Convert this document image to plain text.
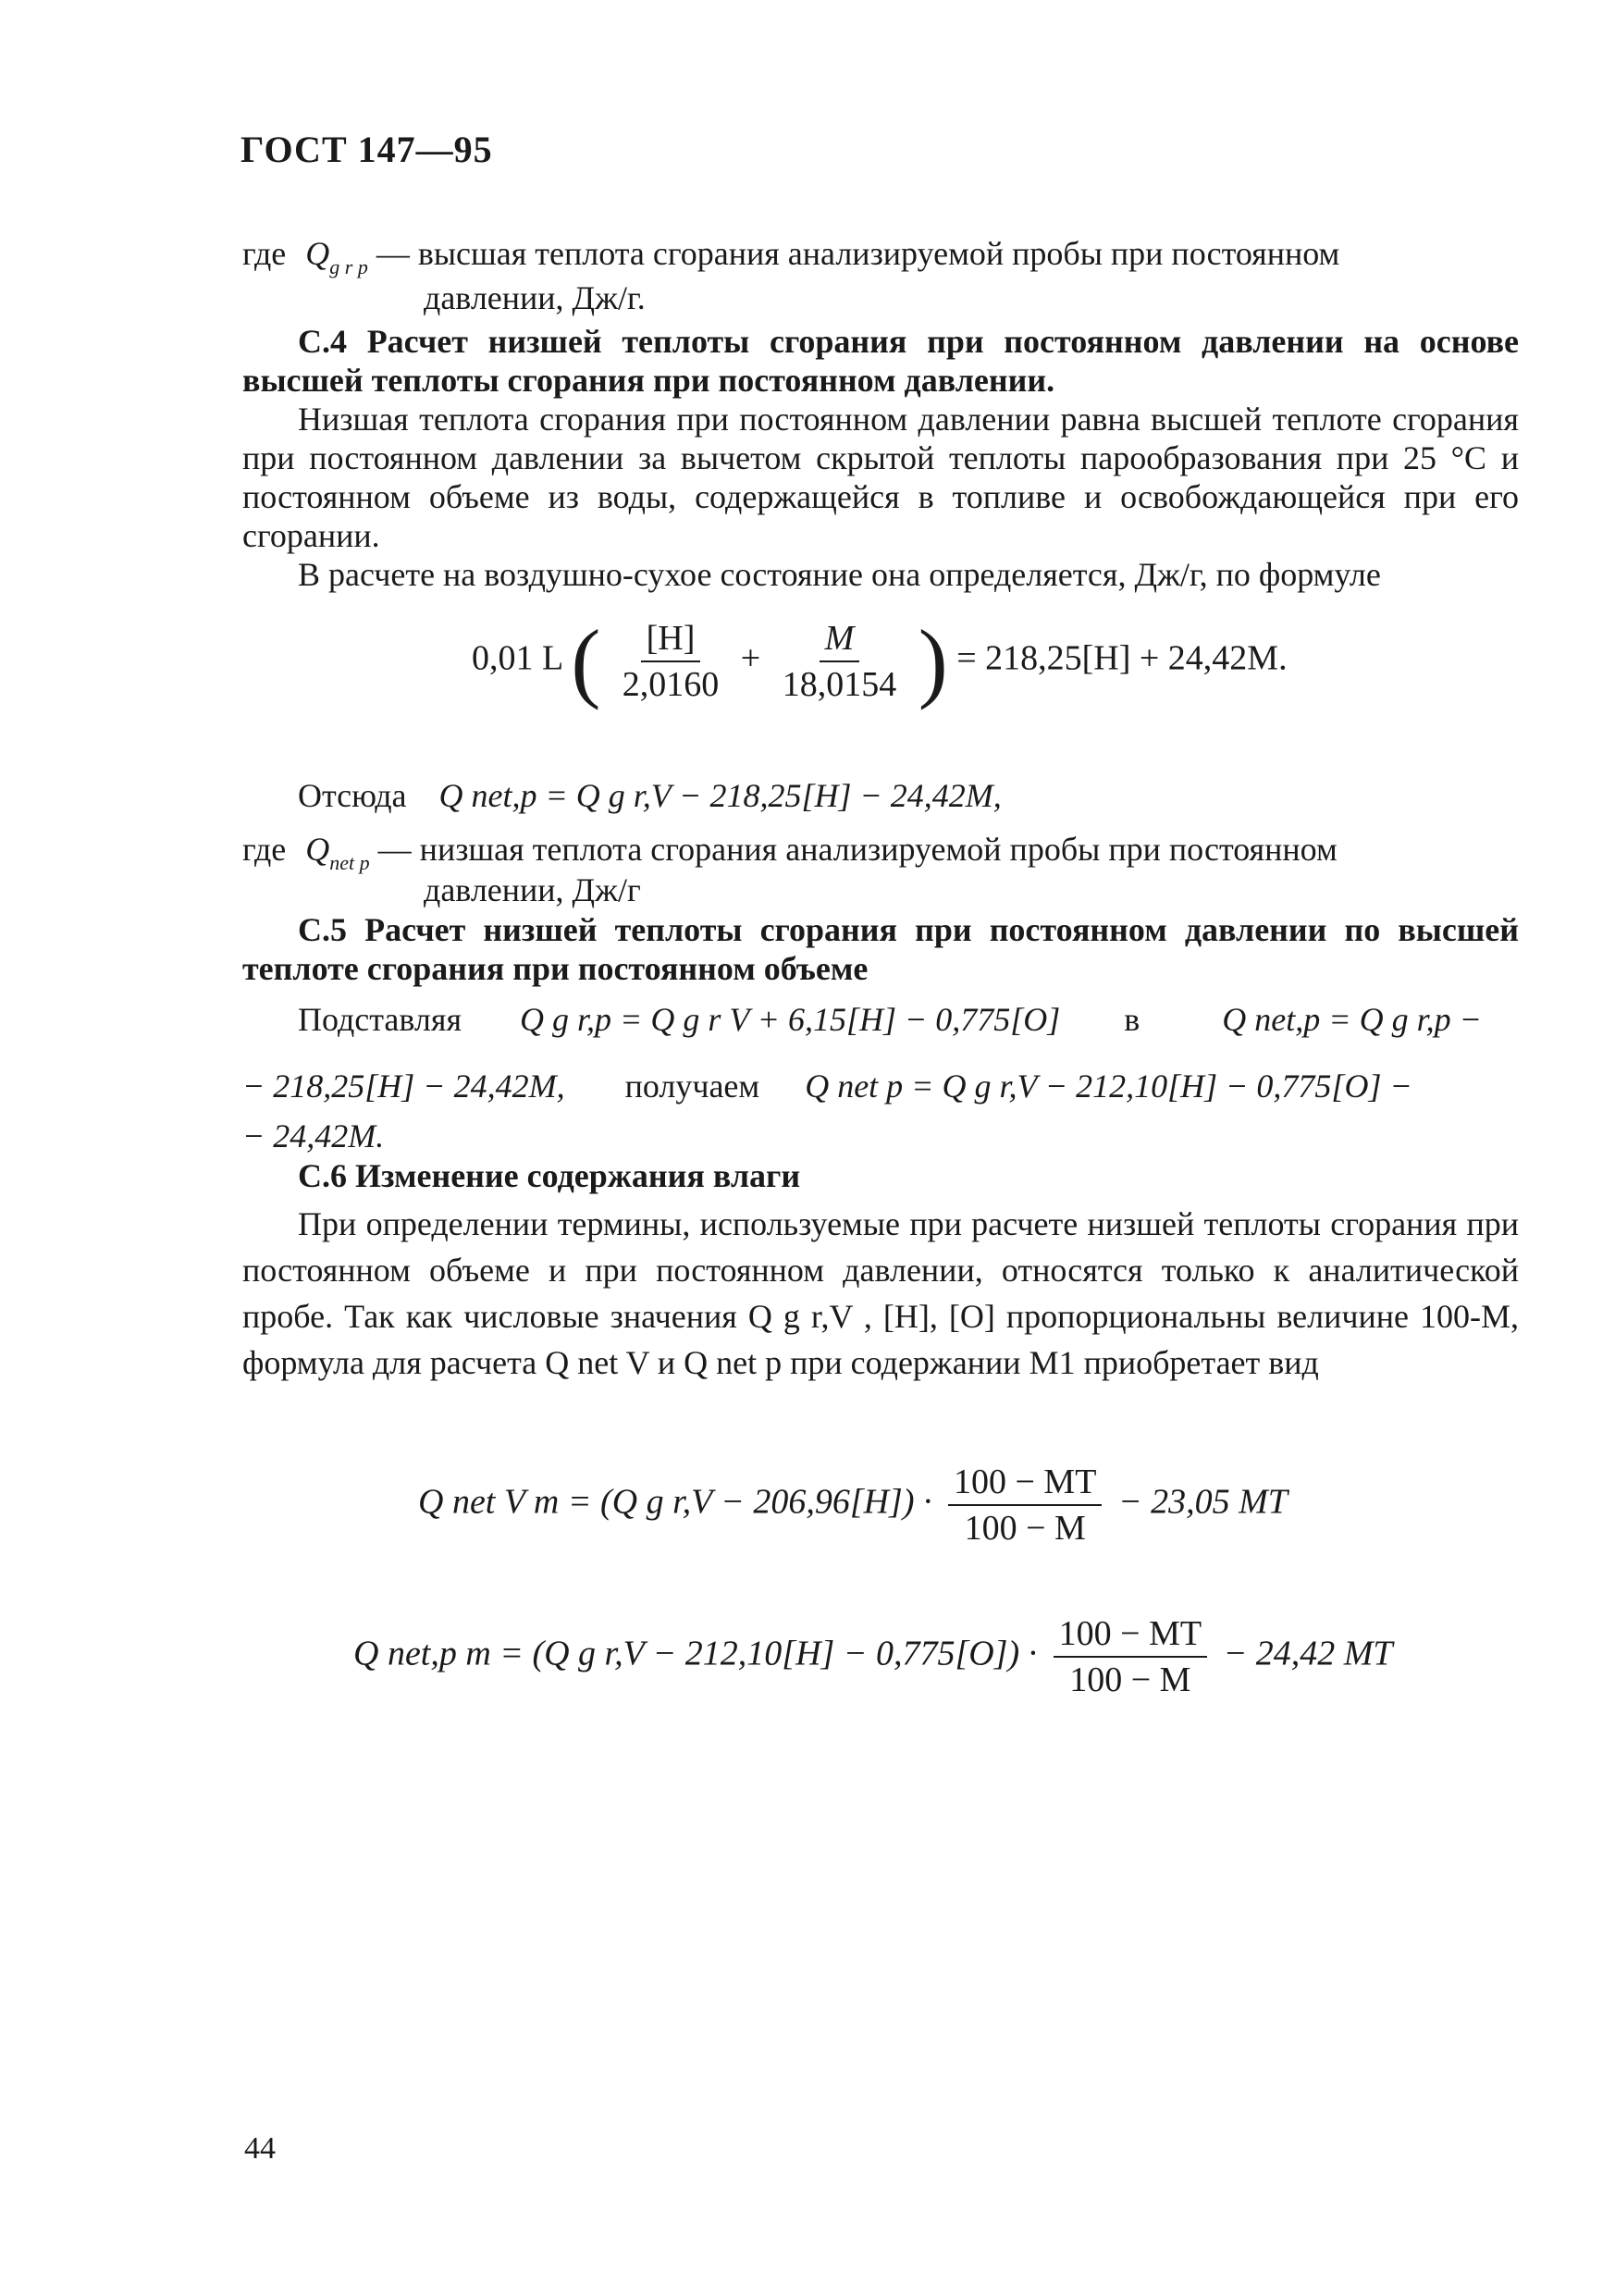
ГОСТ 147—95
где $Q_{g r p}$ — высшая теплота сгорания анализируемой пробы при постоянном
давлении, Дж/г.
С.4 Расчет низшей теплоты сгорания при постоянном давлении на основе высшей теплоты сгорания при постоянном давлении.
Низшая теплота сгорания при постоянном давлении равна высшей теплоте сгорания при постоянном давлении за вычетом скрытой теплоты парообразования при 25 °С и постоянном объеме из воды, содержащейся в топливе и освобождающейся при его сгорании.
В расчете на воздушно-сухое состояние она определяется, Дж/г, по формуле
0,01 L ( $\frac{[H]}{2,0160} + \frac{M}{18,0154}$ ) = 218,25[H] + 24,42M.
Отсюда Q net,p = Q g r,V − 218,25[H] − 24,42M,
где $Q_{net p}$ — низшая теплота сгорания анализируемой пробы при постоянном
давлении, Дж/г
С.5 Расчет низшей теплоты сгорания при постоянном давлении по высшей теплоте сгорания при постоянном объеме
Подставляя Q g r,p = Q g r V + 6,15[H] − 0,775[O] в Q net,p = Q g r,p −
− 218,25[H] − 24,42M, получаем Q net p = Q g r,V − 212,10[H] − 0,775[O] −
− 24,42M.
С.6 Изменение содержания влаги
При определении термины, используемые при расчете низшей теплоты сгорания при постоянном объеме и при постоянном давлении, относятся только к аналитической пробе. Так как числовые значения Q g r,V , [H], [O] пропорциональны величине 100-М, формула для расчета Q net V и Q net p при содержании M1 приобретает вид
Q net V m = (Q g $r,V - 206,96[H]) \cdot \frac{100 - MT}{100 - M} - 23,05$ MT
Q net,p m = (Q g $r,V - 212,10[H] - 0,775[O]) \cdot \frac{100 - MT}{100 - M} - 24,42$ MT
44
